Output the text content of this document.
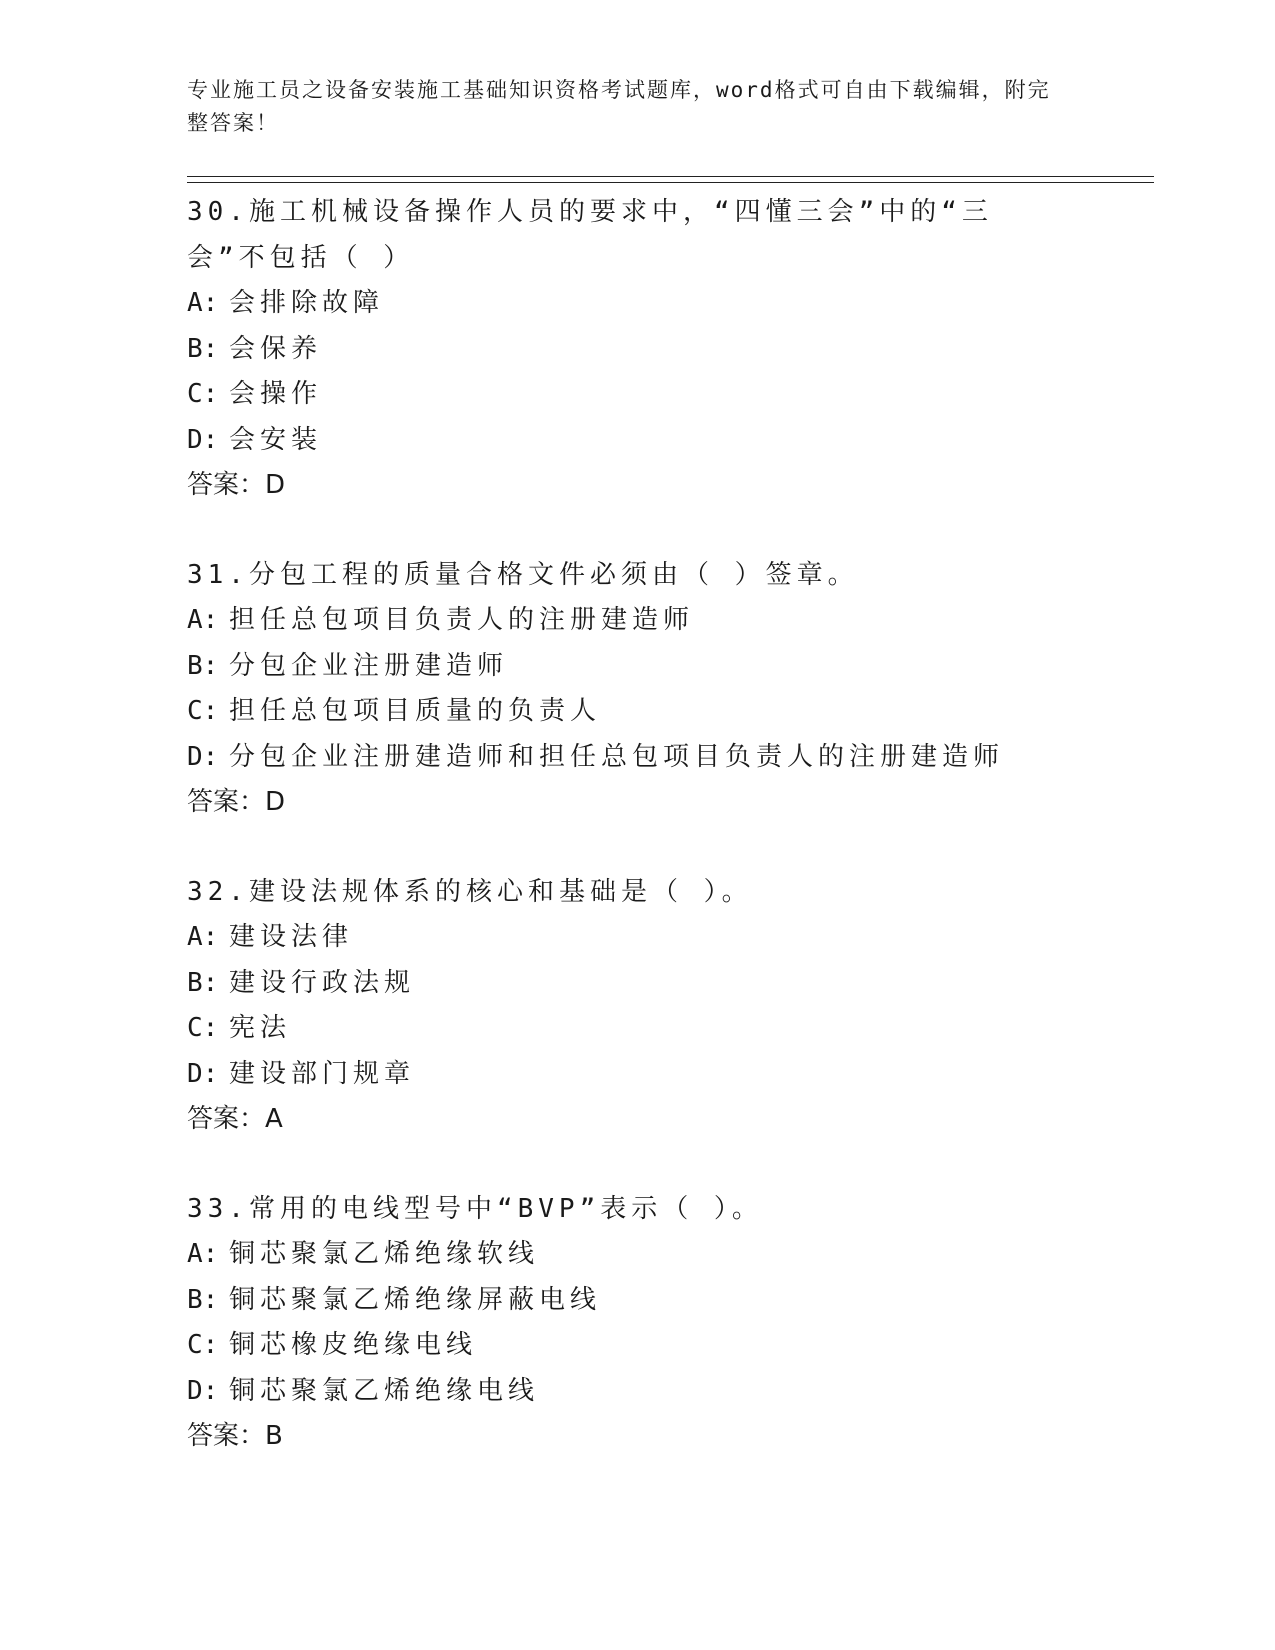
专业施工员之设备安装施工基础知识资格考试题库，word格式可自由下载编辑，附完整答案！

30.施工机械设备操作人员的要求中，“四懂三会”中的“三会”不包括（ ）

A: 会排除故障
B: 会保养
C: 会操作
D: 会安装
答案：D

31.分包工程的质量合格文件必须由（ ）签章。

A: 担任总包项目负责人的注册建造师
B: 分包企业注册建造师
C: 担任总包项目质量的负责人
D: 分包企业注册建造师和担任总包项目负责人的注册建造师
答案：D

32.建设法规体系的核心和基础是（ ）。

A: 建设法律
B: 建设行政法规
C: 宪法
D: 建设部门规章
答案：A

33.常用的电线型号中“BVP”表示（ ）。

A: 铜芯聚氯乙烯绝缘软线
B: 铜芯聚氯乙烯绝缘屏蔽电线
C: 铜芯橡皮绝缘电线
D: 铜芯聚氯乙烯绝缘电线
答案：B
